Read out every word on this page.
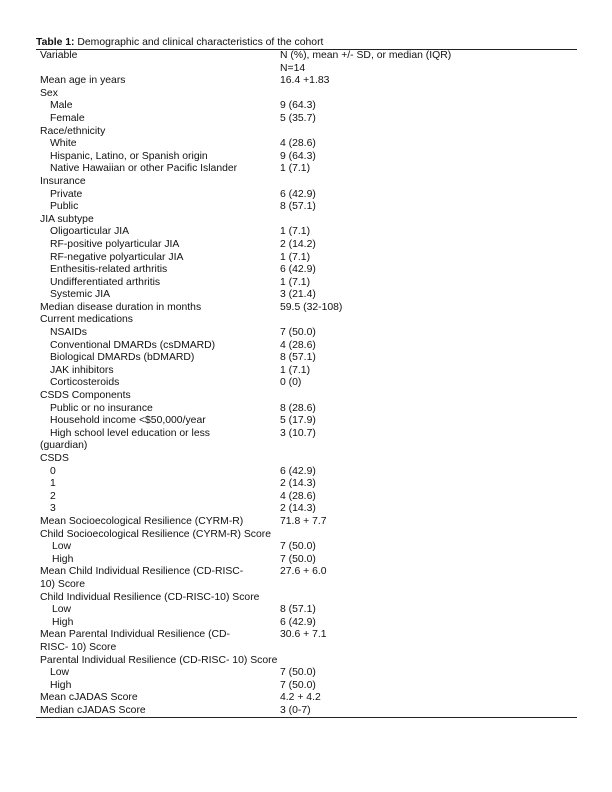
Table 1: Demographic and clinical characteristics of the cohort
Variable	N (%), mean +/- SD, or median (IQR)
N=14

Mean age in years	16.4 +1.83
Sex	
Male	9 (64.3)
Female	5 (35.7)
Race/ethnicity	
White	4 (28.6)
Hispanic, Latino, or Spanish origin	9 (64.3)
Native Hawaiian or other Pacific Islander	1 (7.1)
Insurance	
Private	6 (42.9)
Public	8 (57.1)
JIA subtype	
Oligoarticular JIA	1 (7.1)
RF-positive polyarticular JIA	2 (14.2)
RF-negative polyarticular JIA	1 (7.1)
Enthesitis-related arthritis	6 (42.9)
Undifferentiated arthritis	1 (7.1)
Systemic JIA	3 (21.4)
Median disease duration in months	59.5 (32-108)
Current medications	
NSAIDs	7 (50.0)
Conventional DMARDs (csDMARD)	4 (28.6)
Biological DMARDs (bDMARD)	8 (57.1)
JAK inhibitors	1 (7.1)
Corticosteroids	0 (0)
CSDS Components	
Public or no insurance	8 (28.6)
Household income <$50,000/year	5 (17.9)
High school level education or less
(guardian)	3 (10.7)
CSDS	
0	6 (42.9)
1	2 (14.3)
2	4 (28.6)
3	2 (14.3)
Mean Socioecological Resilience (CYRM-R)	71.8 + 7.7
Child Socioecological Resilience (CYRM-R) Score	
Low	7 (50.0)
High	7 (50.0)
Mean Child Individual Resilience (CD-RISC-
10) Score	27.6 + 6.0
Child Individual Resilience (CD-RISC-10) Score	
Low	8 (57.1)
High	6 (42.9)
Mean Parental Individual Resilience (CD-
RISC- 10) Score	30.6 + 7.1
Parental Individual Resilience (CD-RISC- 10) Score	
Low	7 (50.0)
High	7 (50.0)
Mean cJADAS Score	4.2 + 4.2
Median cJADAS Score	3 (0-7)
